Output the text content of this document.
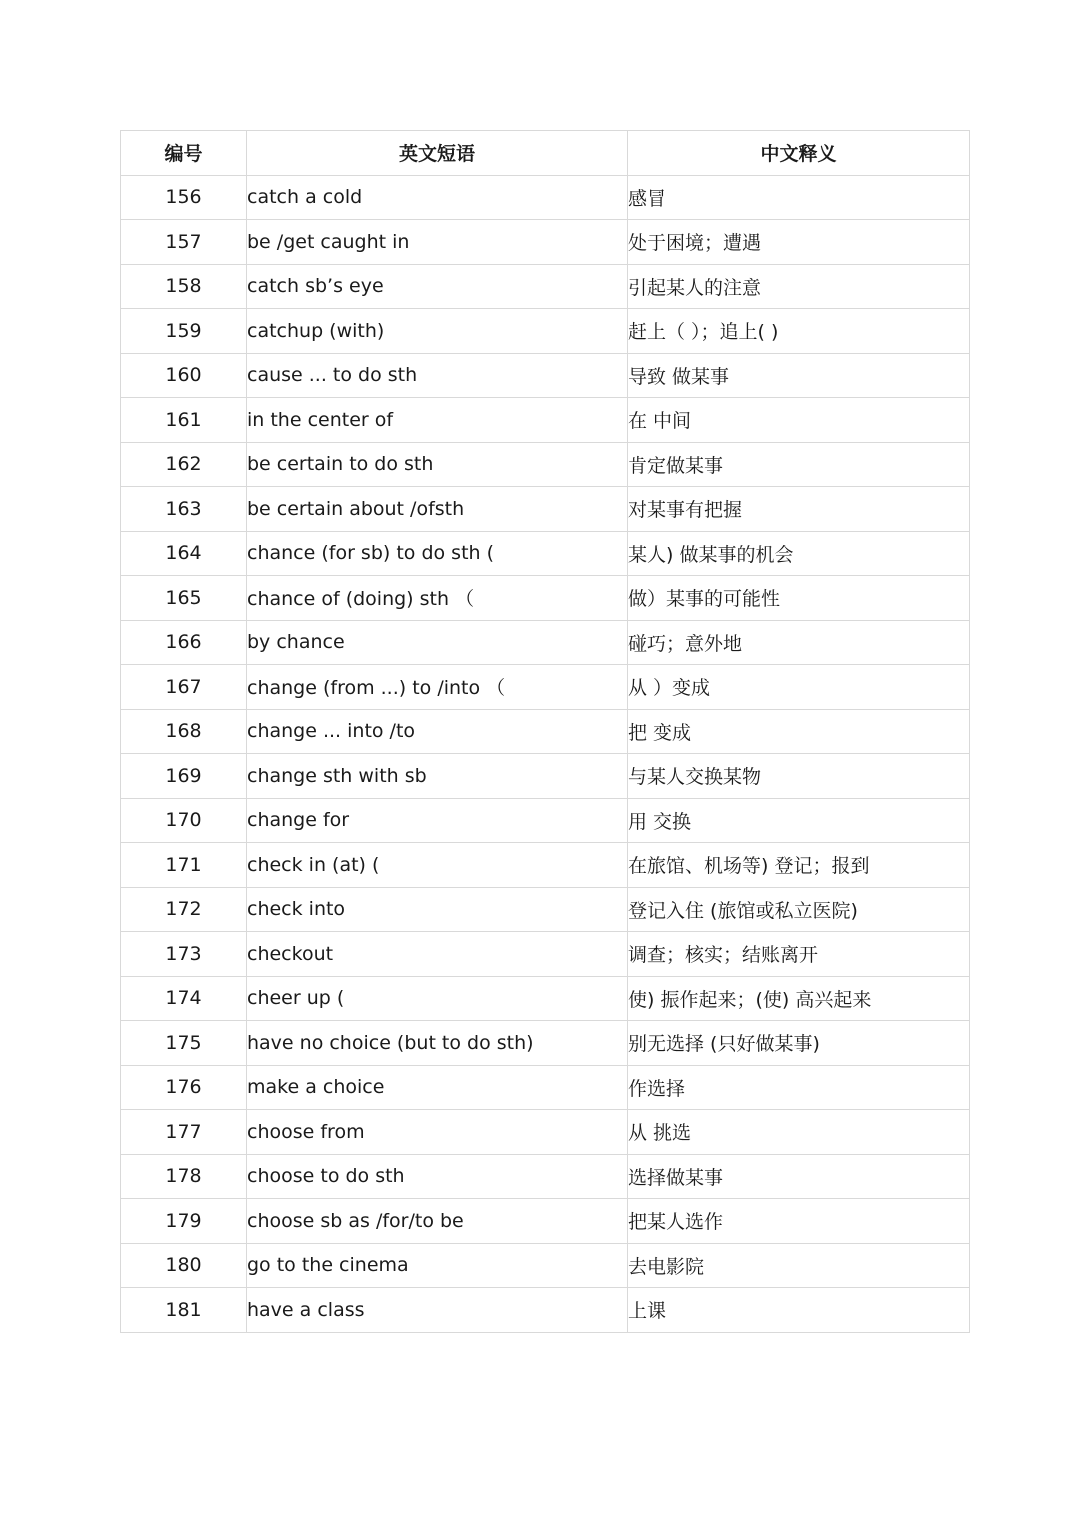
编号	英文短语	中文释义
156	catch a cold	感冒
157	be /get caught in	处于困境；遭遇
158	catch sb’s eye	引起某人的注意
159	catchup (with)	赶上（ ）；追上( )
160	cause ... to do sth	导致 做某事
161	in the center of	在 中间
162	be certain to do sth	肯定做某事
163	be certain about /ofsth	对某事有把握
164	chance (for sb) to do sth (	某人) 做某事的机会
165	chance of (doing) sth （	做）某事的可能性
166	by chance	碰巧；意外地
167	change (from ...) to /into （	从 ）变成
168	change ... into /to	把 变成
169	change sth with sb	与某人交换某物
170	change for	用 交换
171	check in (at) (	在旅馆、机场等) 登记；报到
172	check into	登记入住 (旅馆或私立医院)
173	checkout	调查；核实；结账离开
174	cheer up (	使) 振作起来；(使) 高兴起来
175	have no choice (but to do sth)	别无选择 (只好做某事)
176	make a choice	作选择
177	choose from	从 挑选
178	choose to do sth	选择做某事
179	choose sb as /for/to be	把某人选作
180	go to the cinema	去电影院
181	have a class	上课
